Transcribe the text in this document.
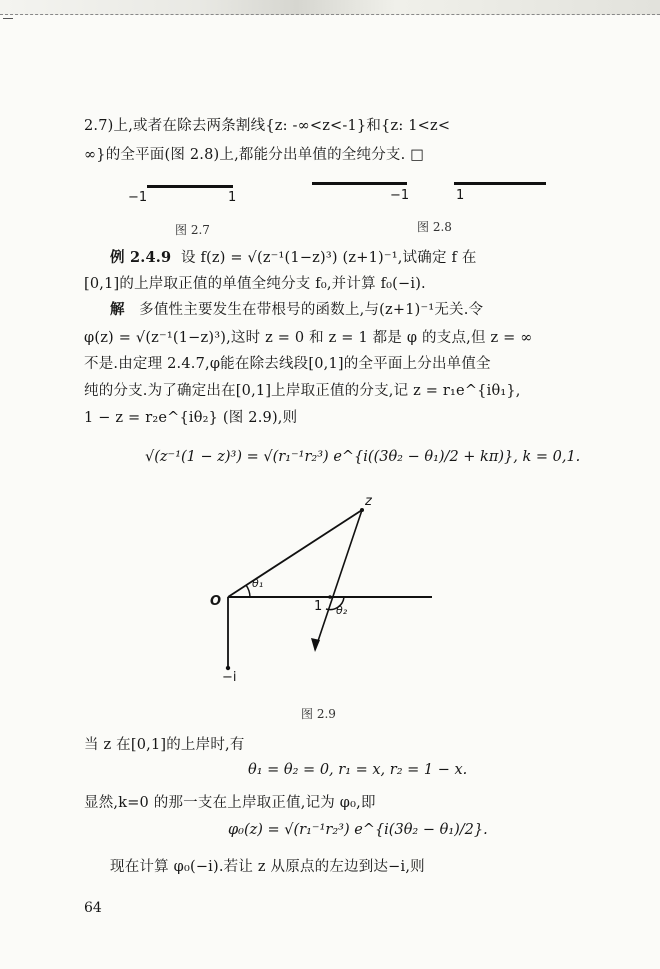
2.7)上,或者在除去两条割线{z: -∞<z<-1}和{z: 1<z<
∞}的全平面(图 2.8)上,都能分出单值的全纯分支. □
−1	1
图 2.7
−1	1
图 2.8
例 2.4.9 设 f(z) = √(z⁻¹(1−z)³) (z+1)⁻¹,试确定 f 在
[0,1]的上岸取正值的单值全纯分支 f₀,并计算 f₀(−i).
解 多值性主要发生在带根号的函数上,与(z+1)⁻¹无关.令
φ(z) = √(z⁻¹(1−z)³),这时 z = 0 和 z = 1 都是 φ 的支点,但 z = ∞
不是.由定理 2.4.7,φ能在除去线段[0,1]的全平面上分出单值全
纯的分支.为了确定出在[0,1]上岸取正值的分支,记 z = r₁e^{iθ₁},
1 − z = r₂e^{iθ₂} (图 2.9),则
√(z⁻¹(1 − z)³) = √(r₁⁻¹r₂³) e^{i((3θ₂ − θ₁)/2 + kπ)}, k = 0,1.
z
O
θ₁
1 θ₂
−i
图 2.9
当 z 在[0,1]的上岸时,有
θ₁ = θ₂ = 0, r₁ = x, r₂ = 1 − x.
显然,k=0 的那一支在上岸取正值,记为 φ₀,即
φ₀(z) = √(r₁⁻¹r₂³) e^{i(3θ₂ − θ₁)/2}.
现在计算 φ₀(−i).若让 z 从原点的左边到达−i,则
64
